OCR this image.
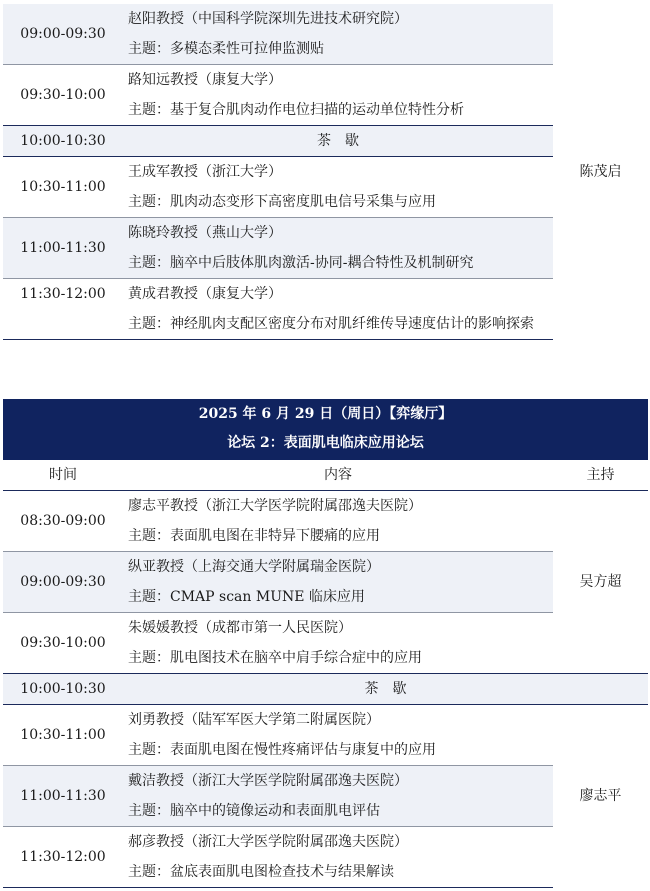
09:00-09:30	赵阳教授（中国科学院深圳先进技术研究院）
主题：多模态柔性可拉伸监测贴	陈茂启
09:30-10:00	路知远教授（康复大学）
主题：基于复合肌肉动作电位扫描的运动单位特性分析	

10:00-10:30	茶　歇	
10:30-11:00	王成军教授（浙江大学）
主题：肌肉动态变形下高密度肌电信号采集与应用	

11:00-11:30	陈晓玲教授（燕山大学）
主题：脑卒中后肢体肌肉激活-协同-耦合特性及机制研究	

11:30-12:00	黄成君教授（康复大学）
主题：神经肌肉支配区密度分布对肌纤维传导速度估计的影响探索	
2025 年 6 月 29 日（周日）【弈缘厅】
论坛 2：表面肌电临床应用论坛
时间	内容	主持
08:30-09:00	廖志平教授（浙江大学医学院附属邵逸夫医院）
主题：表面肌电图在非特异下腰痛的应用	吴方超
09:00-09:30	纵亚教授（上海交通大学附属瑞金医院）
主题：CMAP scan MUNE 临床应用	

09:30-10:00	朱媛媛教授（成都市第一人民医院）
主题：肌电图技术在脑卒中肩手综合症中的应用	

10:00-10:30	茶　歇	
10:30-11:00	刘勇教授（陆军军医大学第二附属医院）
主题：表面肌电图在慢性疼痛评估与康复中的应用	廖志平
11:00-11:30	戴洁教授（浙江大学医学院附属邵逸夫医院）
主题：脑卒中的镜像运动和表面肌电评估	

11:30-12:00	郝彦教授（浙江大学医学院附属邵逸夫医院）
主题：盆底表面肌电图检查技术与结果解读	
